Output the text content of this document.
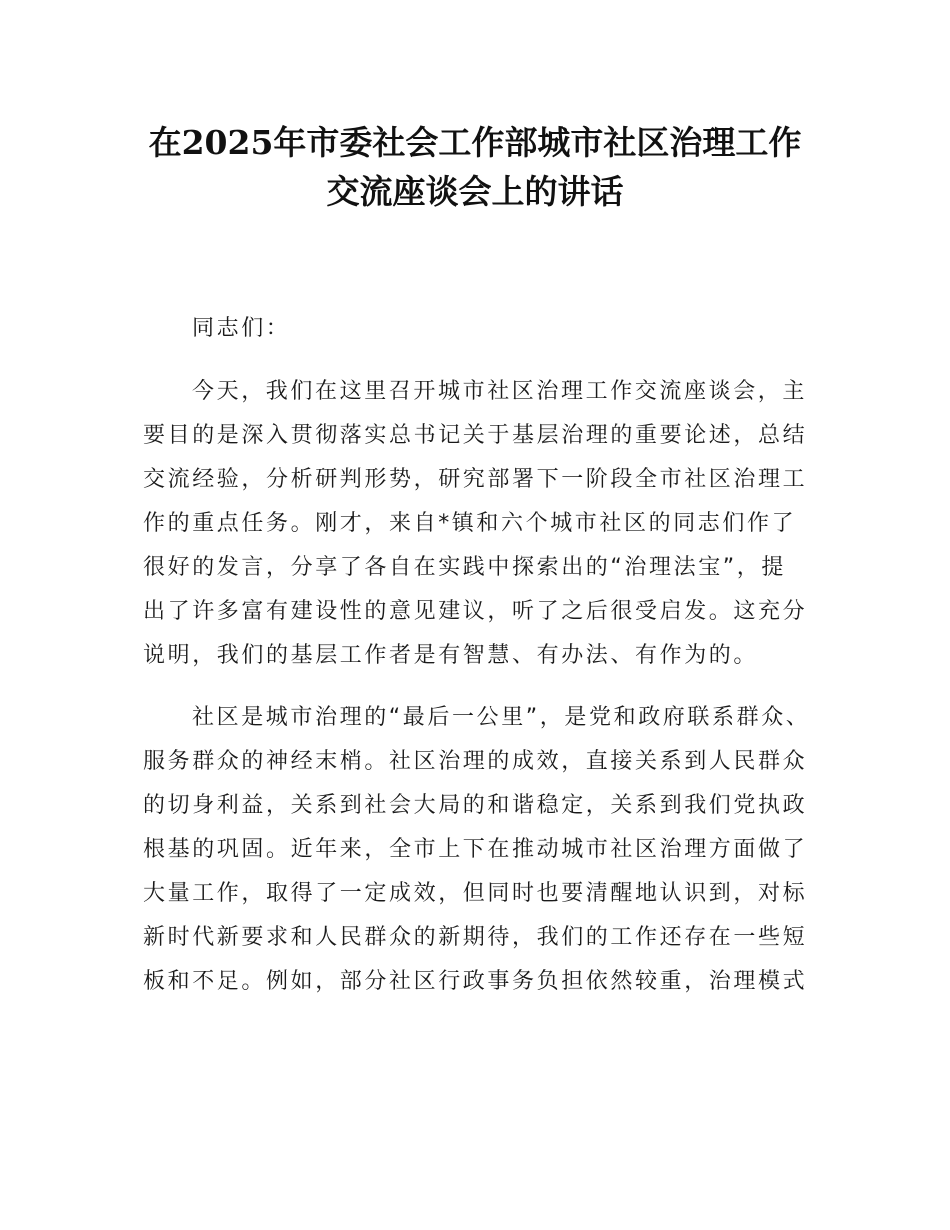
在2025年市委社会工作部城市社区治理工作
交流座谈会上的讲话
同志们：
今天，我们在这里召开城市社区治理工作交流座谈会，主
要目的是深入贯彻落实总书记关于基层治理的重要论述，总结
交流经验，分析研判形势，研究部署下一阶段全市社区治理工
作的重点任务。刚才，来自*镇和六个城市社区的同志们作了
很好的发言，分享了各自在实践中探索出的“治理法宝”，提
出了许多富有建设性的意见建议，听了之后很受启发。这充分
说明，我们的基层工作者是有智慧、有办法、有作为的。
社区是城市治理的“最后一公里”，是党和政府联系群众、
服务群众的神经末梢。社区治理的成效，直接关系到人民群众
的切身利益，关系到社会大局的和谐稳定，关系到我们党执政
根基的巩固。近年来，全市上下在推动城市社区治理方面做了
大量工作，取得了一定成效，但同时也要清醒地认识到，对标
新时代新要求和人民群众的新期待，我们的工作还存在一些短
板和不足。例如，部分社区行政事务负担依然较重，治理模式
